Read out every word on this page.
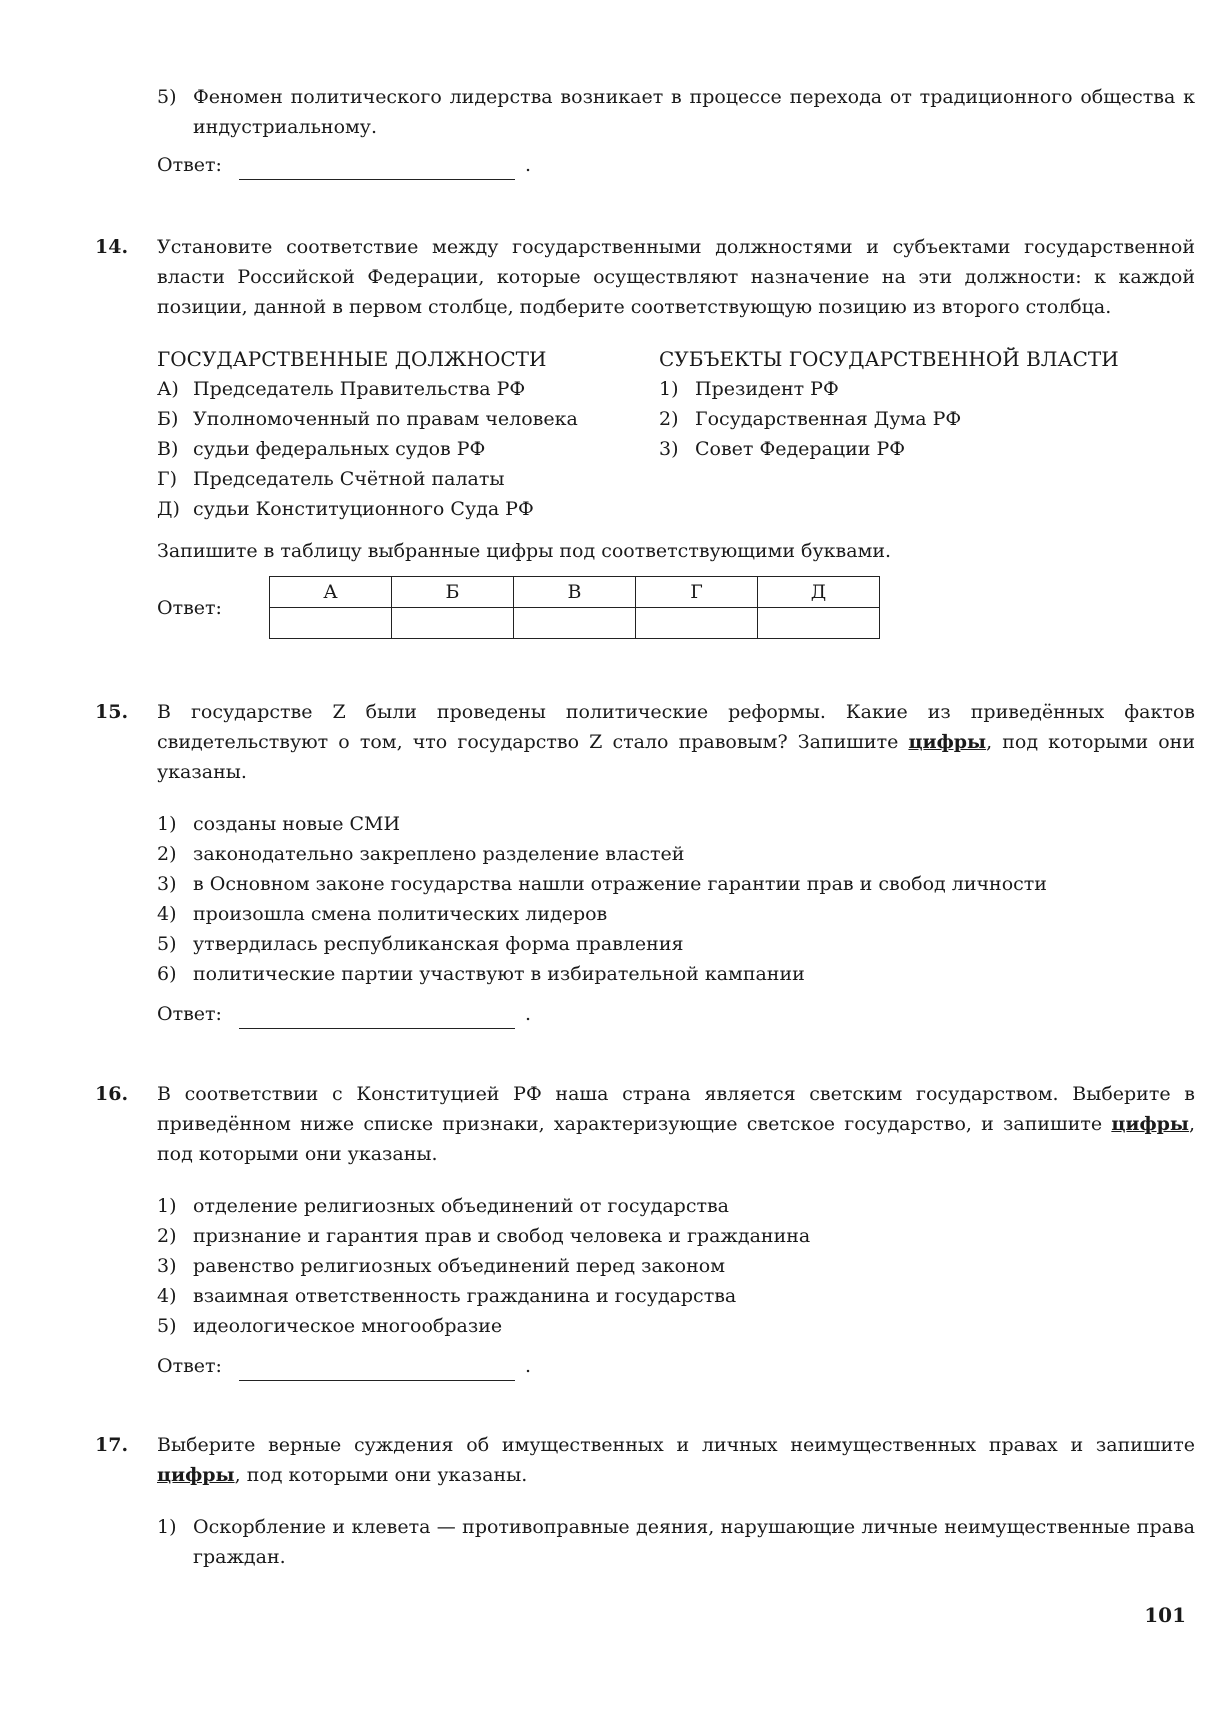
5) Феномен политического лидерства возникает в процессе перехода от традиционного общества к индустриальному.
Ответ:	.
14.	Установите соответствие между государственными должностями и субъектами государственной власти Российской Федерации, которые осуществляют назначение на эти должности: к каждой позиции, данной в первом столбце, подберите соответствующую позицию из второго столбца.
ГОСУДАРСТВЕННЫЕ ДОЛЖНОСТИ
А) Председатель Правительства РФ
Б) Уполномоченный по правам человека
В) судьи федеральных судов РФ
Г) Председатель Счётной палаты
Д) судьи Конституционного Суда РФ
СУБЪЕКТЫ ГОСУДАРСТВЕННОЙ ВЛАСТИ
1) Президент РФ
2) Государственная Дума РФ
3) Совет Федерации РФ
Запишите в таблицу выбранные цифры под соответствующими буквами.
Ответ:
А	Б	В	Г	Д

15.	В государстве Z были проведены политические реформы. Какие из приведённых фактов свидетельствуют о том, что государство Z стало правовым? Запишите цифры, под которыми они указаны.
1) созданы новые СМИ
2) законодательно закреплено разделение властей
3) в Основном законе государства нашли отражение гарантии прав и свобод личности
4) произошла смена политических лидеров
5) утвердилась республиканская форма правления
6) политические партии участвуют в избирательной кампании
Ответ:	.
16.	В соответствии с Конституцией РФ наша страна является светским государством. Выберите в приведённом ниже списке признаки, характеризующие светское государство, и запишите цифры, под которыми они указаны.
1) отделение религиозных объединений от государства
2) признание и гарантия прав и свобод человека и гражданина
3) равенство религиозных объединений перед законом
4) взаимная ответственность гражданина и государства
5) идеологическое многообразие
Ответ:	.
17.	Выберите верные суждения об имущественных и личных неимущественных правах и запишите цифры, под которыми они указаны.
1) Оскорбление и клевета — противоправные деяния, нарушающие личные неимущественные права граждан.
101
